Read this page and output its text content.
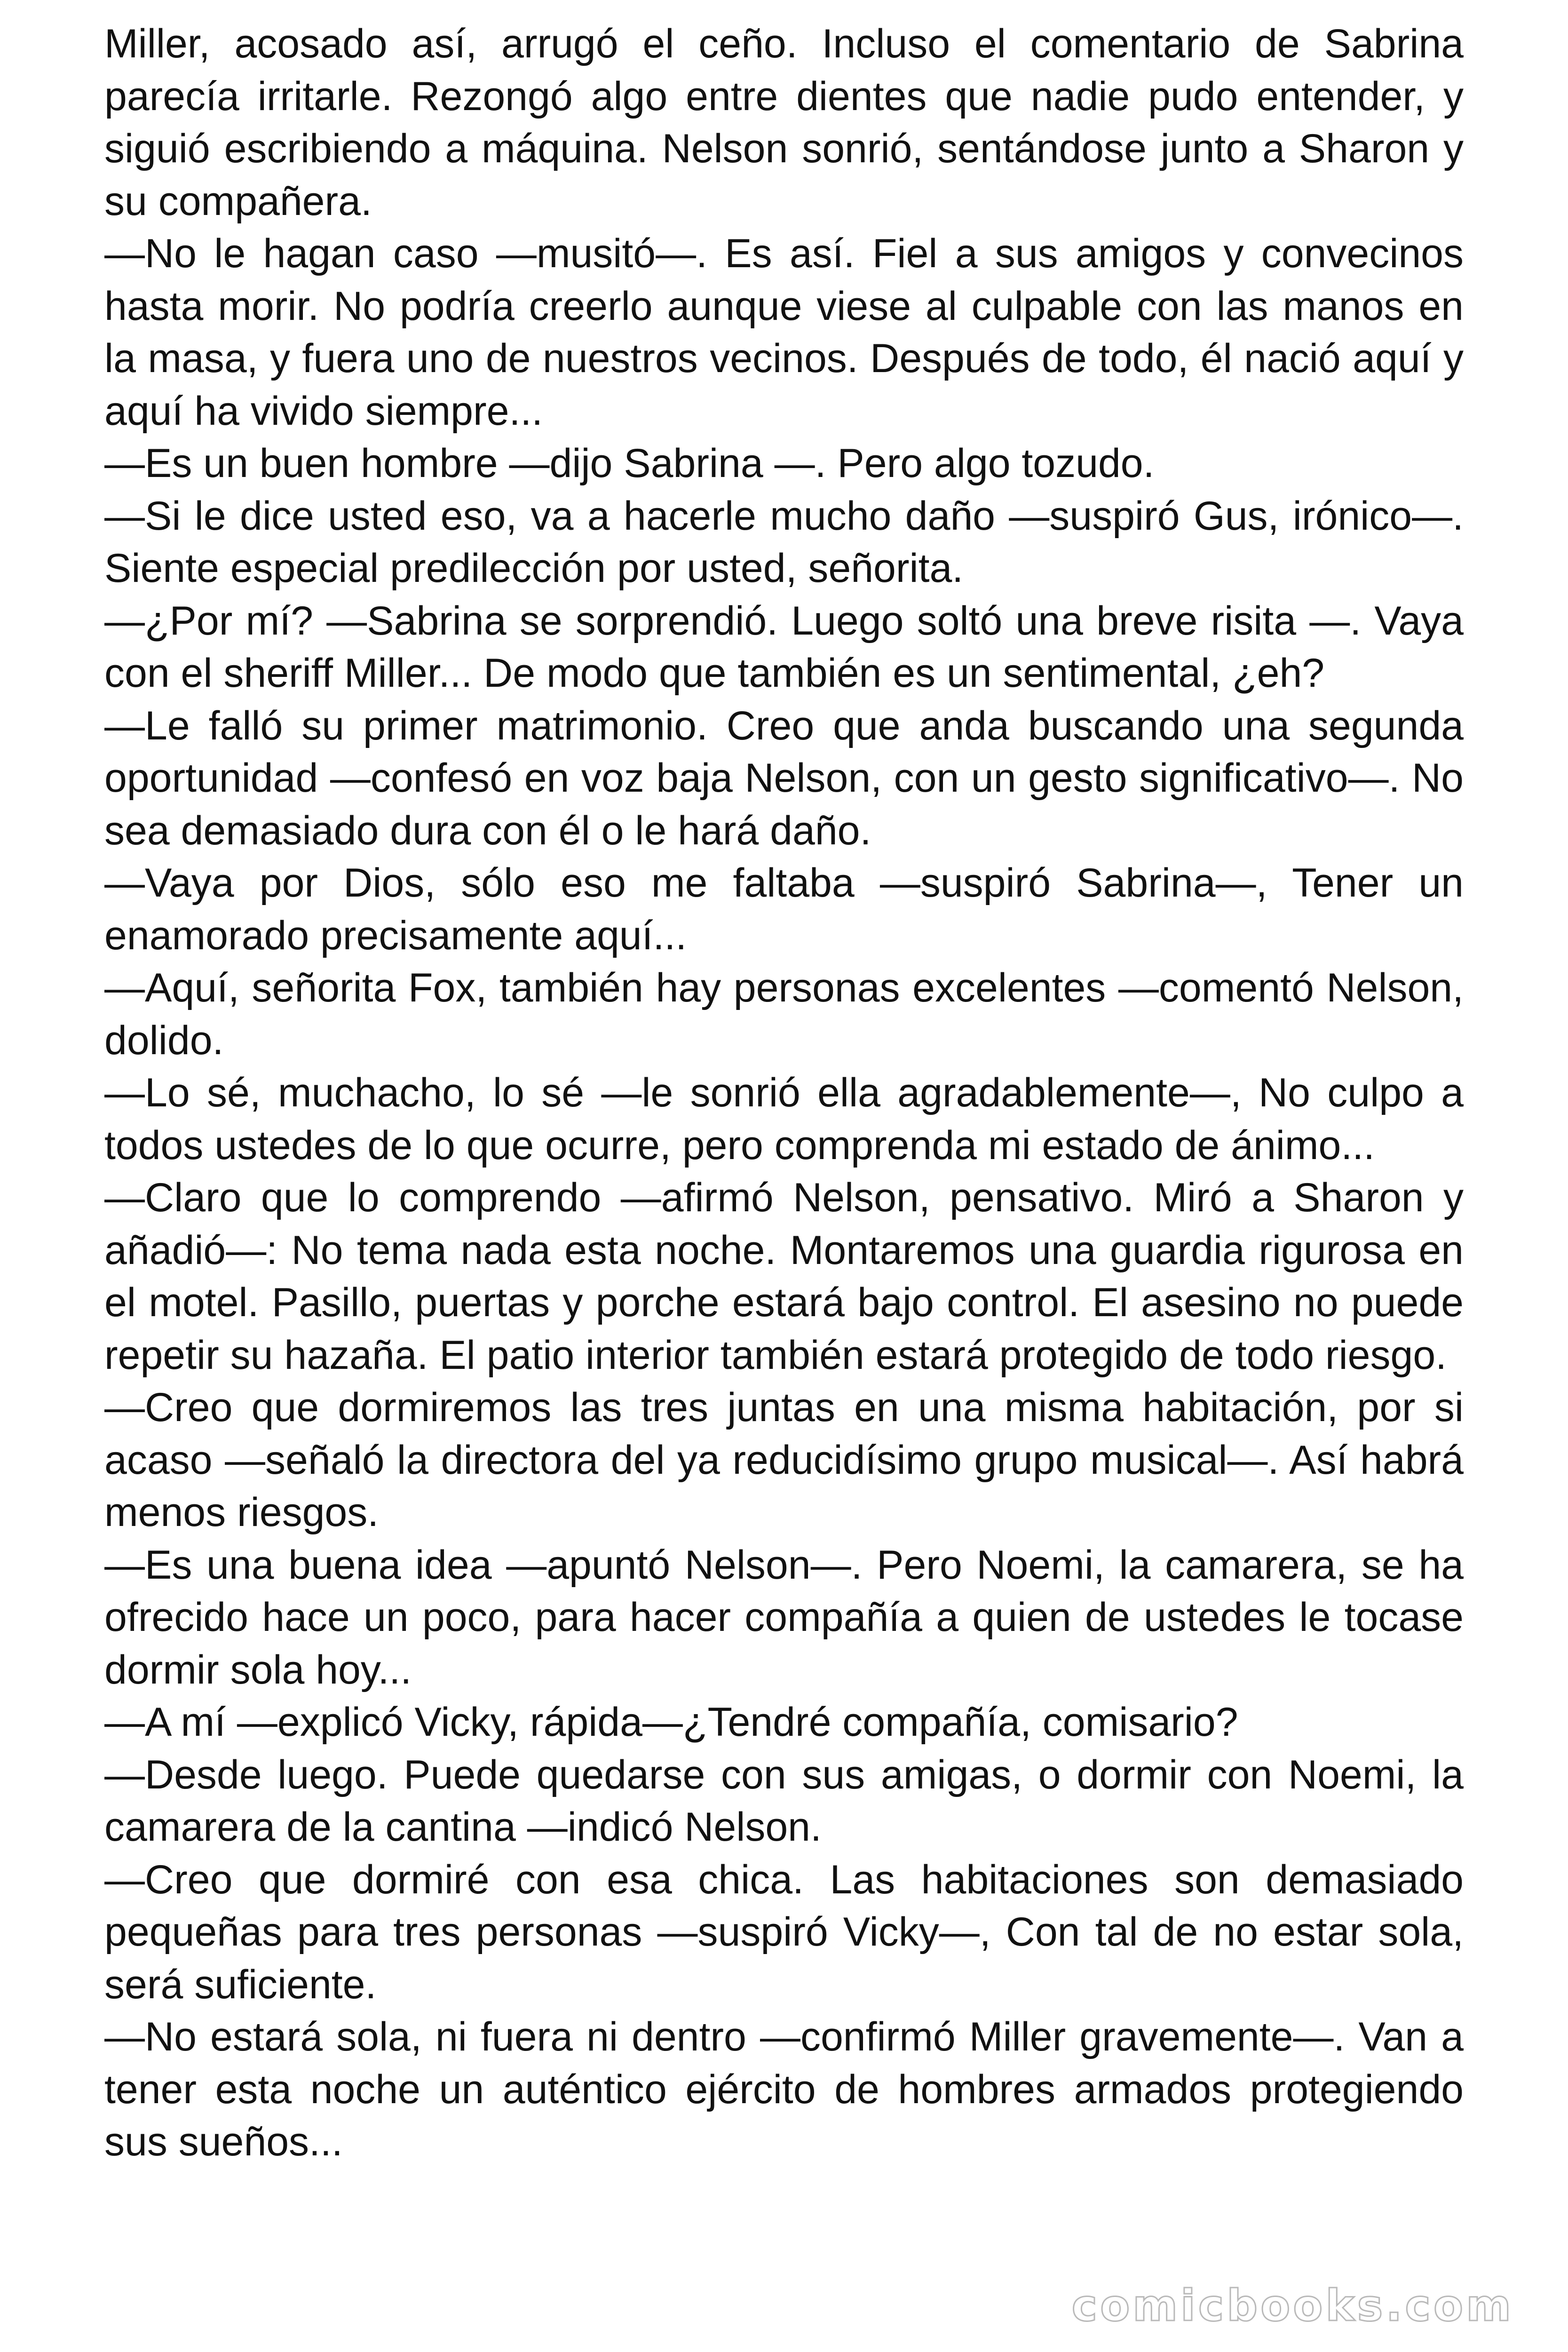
Miller, acosado así, arrugó el ceño. Incluso el comentario de Sabrina parecía irritarle. Rezongó algo entre dientes que nadie pudo entender, y siguió escribiendo a máquina. Nelson sonrió, sentándose junto a Sharon y su compañera.

—No le hagan caso —musitó—. Es así. Fiel a sus amigos y convecinos hasta morir. No podría creerlo aunque viese al culpable con las manos en la masa, y fuera uno de nuestros vecinos. Después de todo, él nació aquí y aquí ha vivido siempre...

—Es un buen hombre —dijo Sabrina —. Pero algo tozudo.

—Si le dice usted eso, va a hacerle mucho daño —suspiró Gus, irónico—. Siente especial predilección por usted, señorita.

—¿Por mí? —Sabrina se sorprendió. Luego soltó una breve risita —. Vaya con el sheriff Miller... De modo que también es un sentimental, ¿eh?

—Le falló su primer matrimonio. Creo que anda buscando una segunda oportunidad —confesó en voz baja Nelson, con un gesto significativo—. No sea demasiado dura con él o le hará daño.

—Vaya por Dios, sólo eso me faltaba —suspiró Sabrina—, Tener un enamorado precisamente aquí...

—Aquí, señorita Fox, también hay personas excelentes —comentó Nelson, dolido.

—Lo sé, muchacho, lo sé —le sonrió ella agradablemente—, No culpo a todos ustedes de lo que ocurre, pero comprenda mi estado de ánimo...

—Claro que lo comprendo —afirmó Nelson, pensativo. Miró a Sharon y añadió—: No tema nada esta noche. Montaremos una guardia rigurosa en el motel. Pasillo, puertas y porche estará bajo control. El asesino no puede repetir su hazaña. El patio interior también estará protegido de todo riesgo.

—Creo que dormiremos las tres juntas en una misma habitación, por si acaso —señaló la directora del ya reducidísimo grupo musical—. Así habrá menos riesgos.

—Es una buena idea —apuntó Nelson—. Pero Noemi, la camarera, se ha ofrecido hace un poco, para hacer compañía a quien de ustedes le tocase dormir sola hoy...

—A mí —explicó Vicky, rápida—¿Tendré compañía, comisario?

—Desde luego. Puede quedarse con sus amigas, o dormir con Noemi, la camarera de la cantina —indicó Nelson.

—Creo que dormiré con esa chica. Las habitaciones son demasiado pequeñas para tres personas —suspiró Vicky—, Con tal de no estar sola, será suficiente.

—No estará sola, ni fuera ni dentro —confirmó Miller gravemente—. Van a tener esta noche un auténtico ejército de hombres armados protegiendo sus sueños...

comicbooks.com
